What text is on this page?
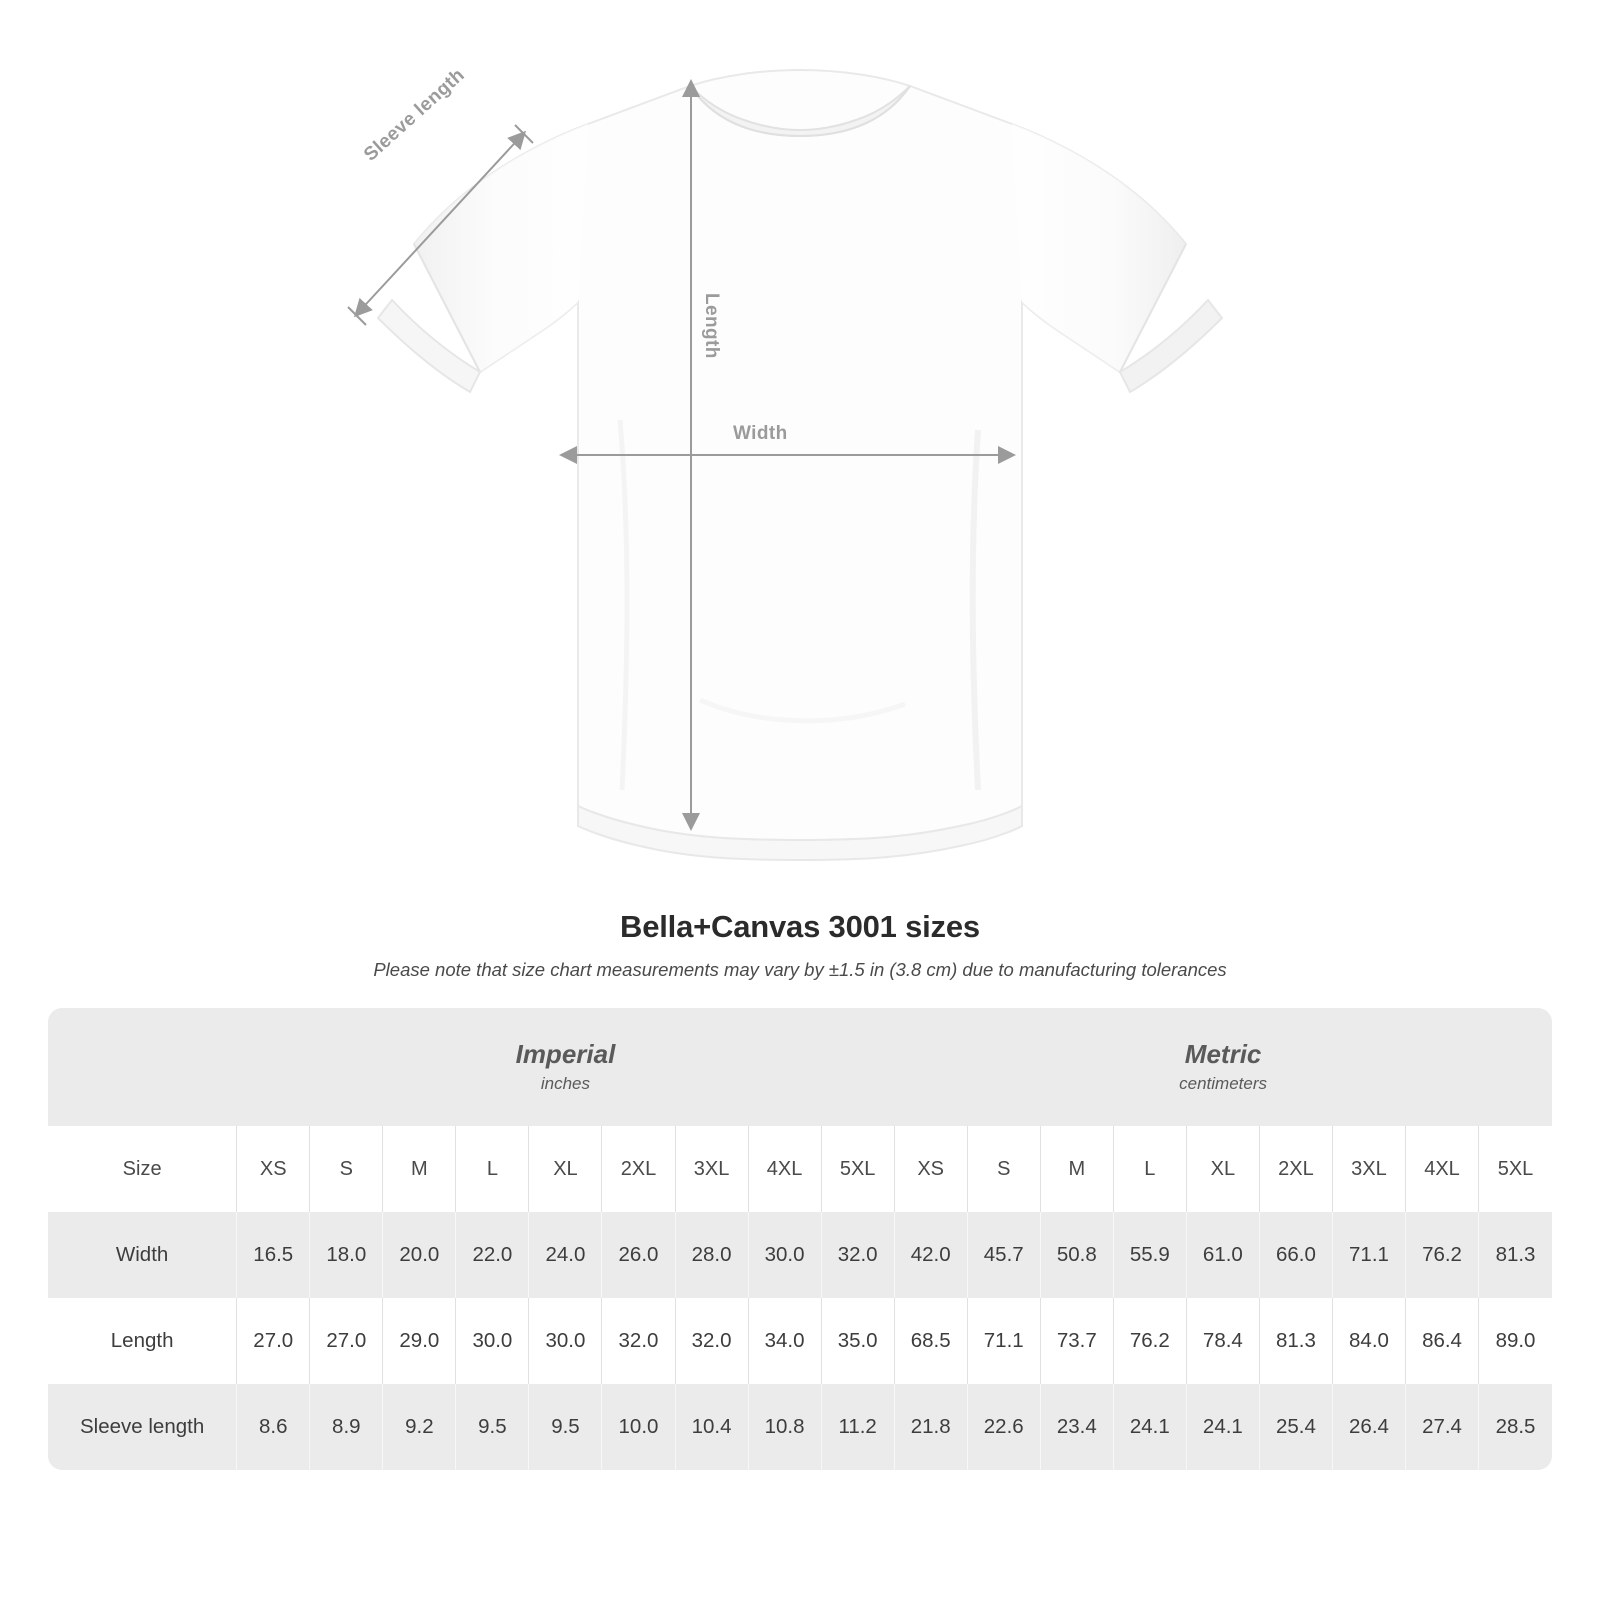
Width
Length
Sleeve length
Bella+Canvas 3001 sizes

Please note that size chart measurements may vary by ±1.5 in (3.8 cm) due to manufacturing tolerances

Imperial
inches

Metric
centimeters

Size	XS	S	M	L	XL	2XL	3XL	4XL	5XL	XS	S	M	L	XL	2XL	3XL	4XL	5XL
Width	16.5	18.0	20.0	22.0	24.0	26.0	28.0	30.0	32.0	42.0	45.7	50.8	55.9	61.0	66.0	71.1	76.2	81.3
Length	27.0	27.0	29.0	30.0	30.0	32.0	32.0	34.0	35.0	68.5	71.1	73.7	76.2	78.4	81.3	84.0	86.4	89.0
Sleeve length	8.6	8.9	9.2	9.5	9.5	10.0	10.4	10.8	11.2	21.8	22.6	23.4	24.1	24.1	25.4	26.4	27.4	28.5
